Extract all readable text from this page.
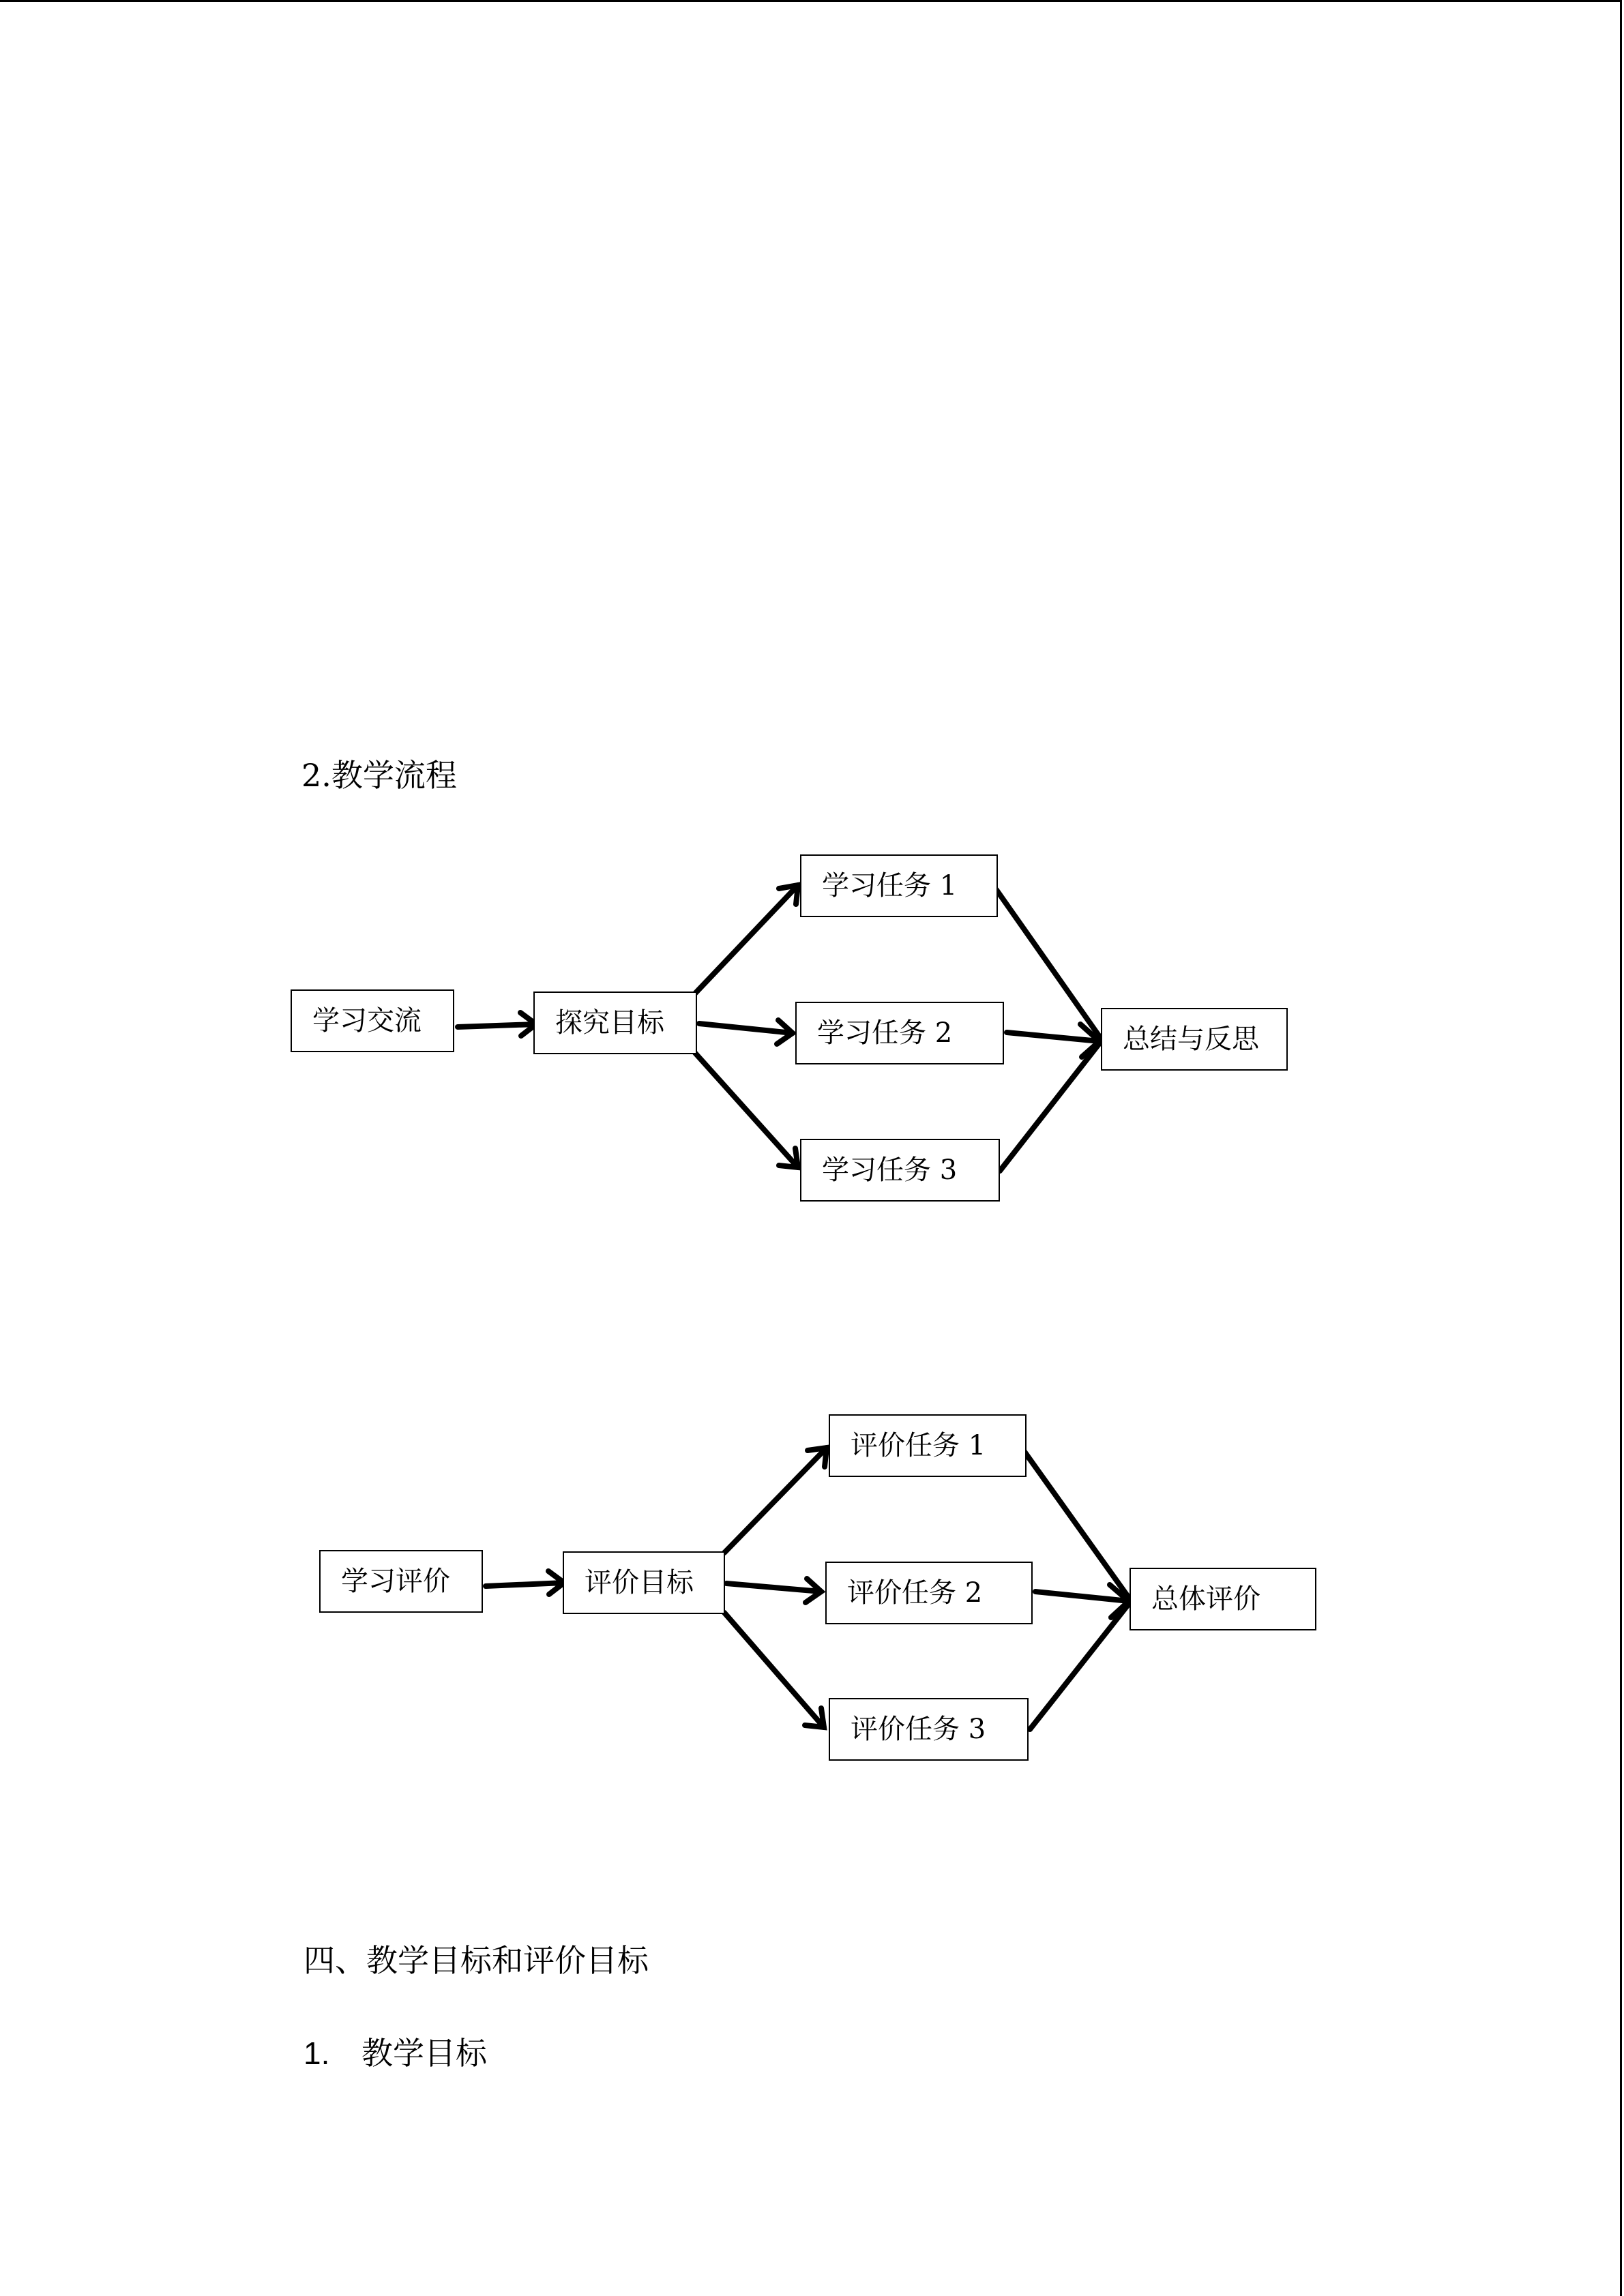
2.教学流程
学习交流	探究目标
学习任务 1
学习任务 2
学习任务 3
总结与反思
学习评价	评价目标
评价任务 1
评价任务 2
评价任务 3
总体评价
四、教学目标和评价目标
1. 教学目标
